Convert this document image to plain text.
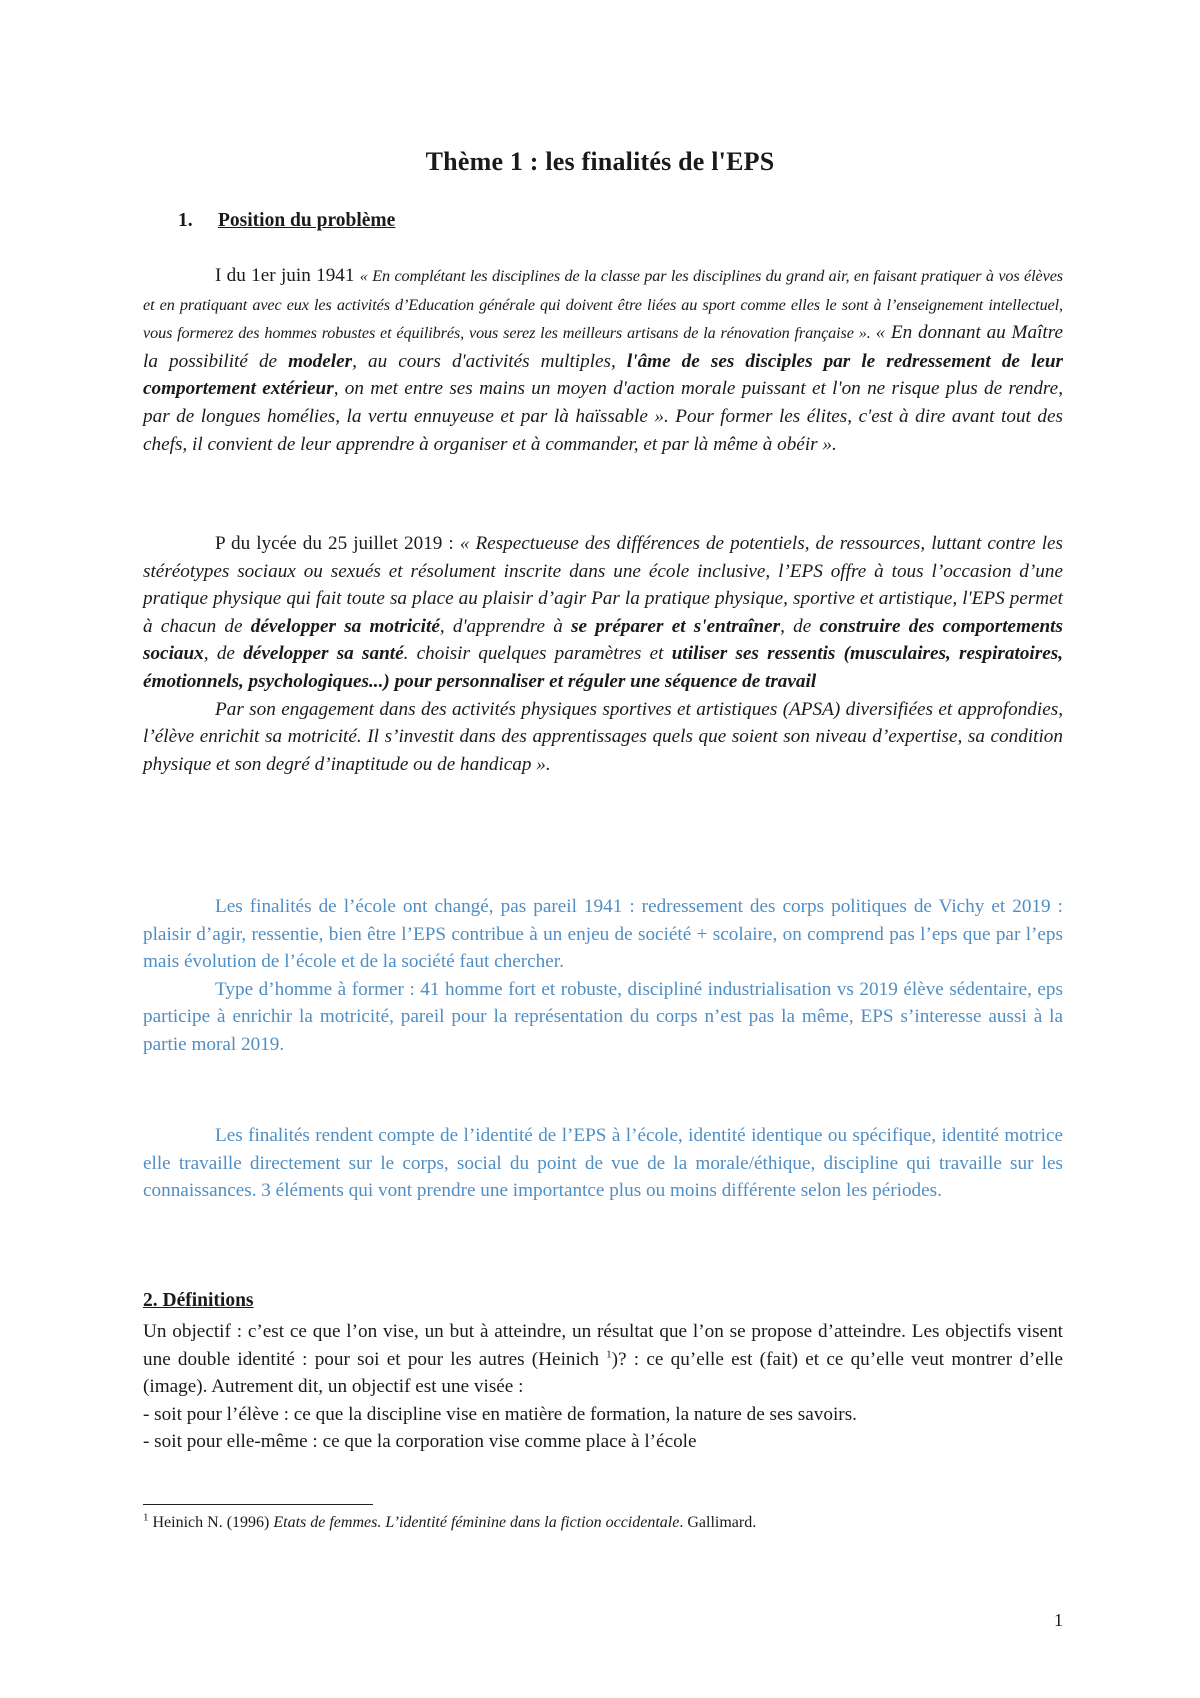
Thème 1 : les finalités de l'EPS
1. Position du problème

I du 1er juin 1941 « En complétant les disciplines de la classe par les disciplines du grand air, en faisant pratiquer à vos élèves et en pratiquant avec eux les activités d’Education générale qui doivent être liées au sport comme elles le sont à l’enseignement intellectuel, vous formerez des hommes robustes et équilibrés, vous serez les meilleurs artisans de la rénovation française ». « En donnant au Maître la possibilité de modeler, au cours d'activités multiples, l'âme de ses disciples par le redressement de leur comportement extérieur, on met entre ses mains un moyen d'action morale puissant et l'on ne risque plus de rendre, par de longues homélies, la vertu ennuyeuse et par là haïssable ». Pour former les élites, c'est à dire avant tout des chefs, il convient de leur apprendre à organiser et à commander, et par là même à obéir ».

P du lycée du 25 juillet 2019 : « Respectueuse des différences de potentiels, de ressources, luttant contre les stéréotypes sociaux ou sexués et résolument inscrite dans une école inclusive, l’EPS offre à tous l’occasion d’une pratique physique qui fait toute sa place au plaisir d’agir Par la pratique physique, sportive et artistique, l'EPS permet à chacun de développer sa motricité, d'apprendre à se préparer et s'entraîner, de construire des comportements sociaux, de développer sa santé. choisir quelques paramètres et utiliser ses ressentis (musculaires, respiratoires, émotionnels, psychologiques...) pour personnaliser et réguler une séquence de travail

Par son engagement dans des activités physiques sportives et artistiques (APSA) diversifiées et approfondies, l’élève enrichit sa motricité. Il s’investit dans des apprentissages quels que soient son niveau d’expertise, sa condition physique et son degré d’inaptitude ou de handicap ».

Les finalités de l’école ont changé, pas pareil 1941 : redressement des corps politiques de Vichy et 2019 : plaisir d’agir, ressentie, bien être l’EPS contribue à un enjeu de société + scolaire, on comprend pas l’eps que par l’eps mais évolution de l’école et de la société faut chercher.

Type d’homme à former : 41 homme fort et robuste, discipliné industrialisation vs 2019 élève sédentaire, eps participe à enrichir la motricité, pareil pour la représentation du corps n’est pas la même, EPS s’interesse aussi à la partie moral 2019.

Les finalités rendent compte de l’identité de l’EPS à l’école, identité identique ou spécifique, identité motrice elle travaille directement sur le corps, social du point de vue de la morale/éthique, discipline qui travaille sur les connaissances. 3 éléments qui vont prendre une importantce plus ou moins différente selon les périodes.

2. Définitions

Un objectif : c’est ce que l’on vise, un but à atteindre, un résultat que l’on se propose d’atteindre. Les objectifs visent une double identité : pour soi et pour les autres (Heinich $^1$)? : ce qu’elle est (fait) et ce qu’elle veut montrer d’elle (image). Autrement dit, un objectif est une visée :

- soit pour l’élève : ce que la discipline vise en matière de formation, la nature de ses savoirs.

- soit pour elle-même : ce que la corporation vise comme place à l’école

$^1$ Heinich N. (1996) Etats de femmes. L’identité féminine dans la fiction occidentale. Gallimard.
1
